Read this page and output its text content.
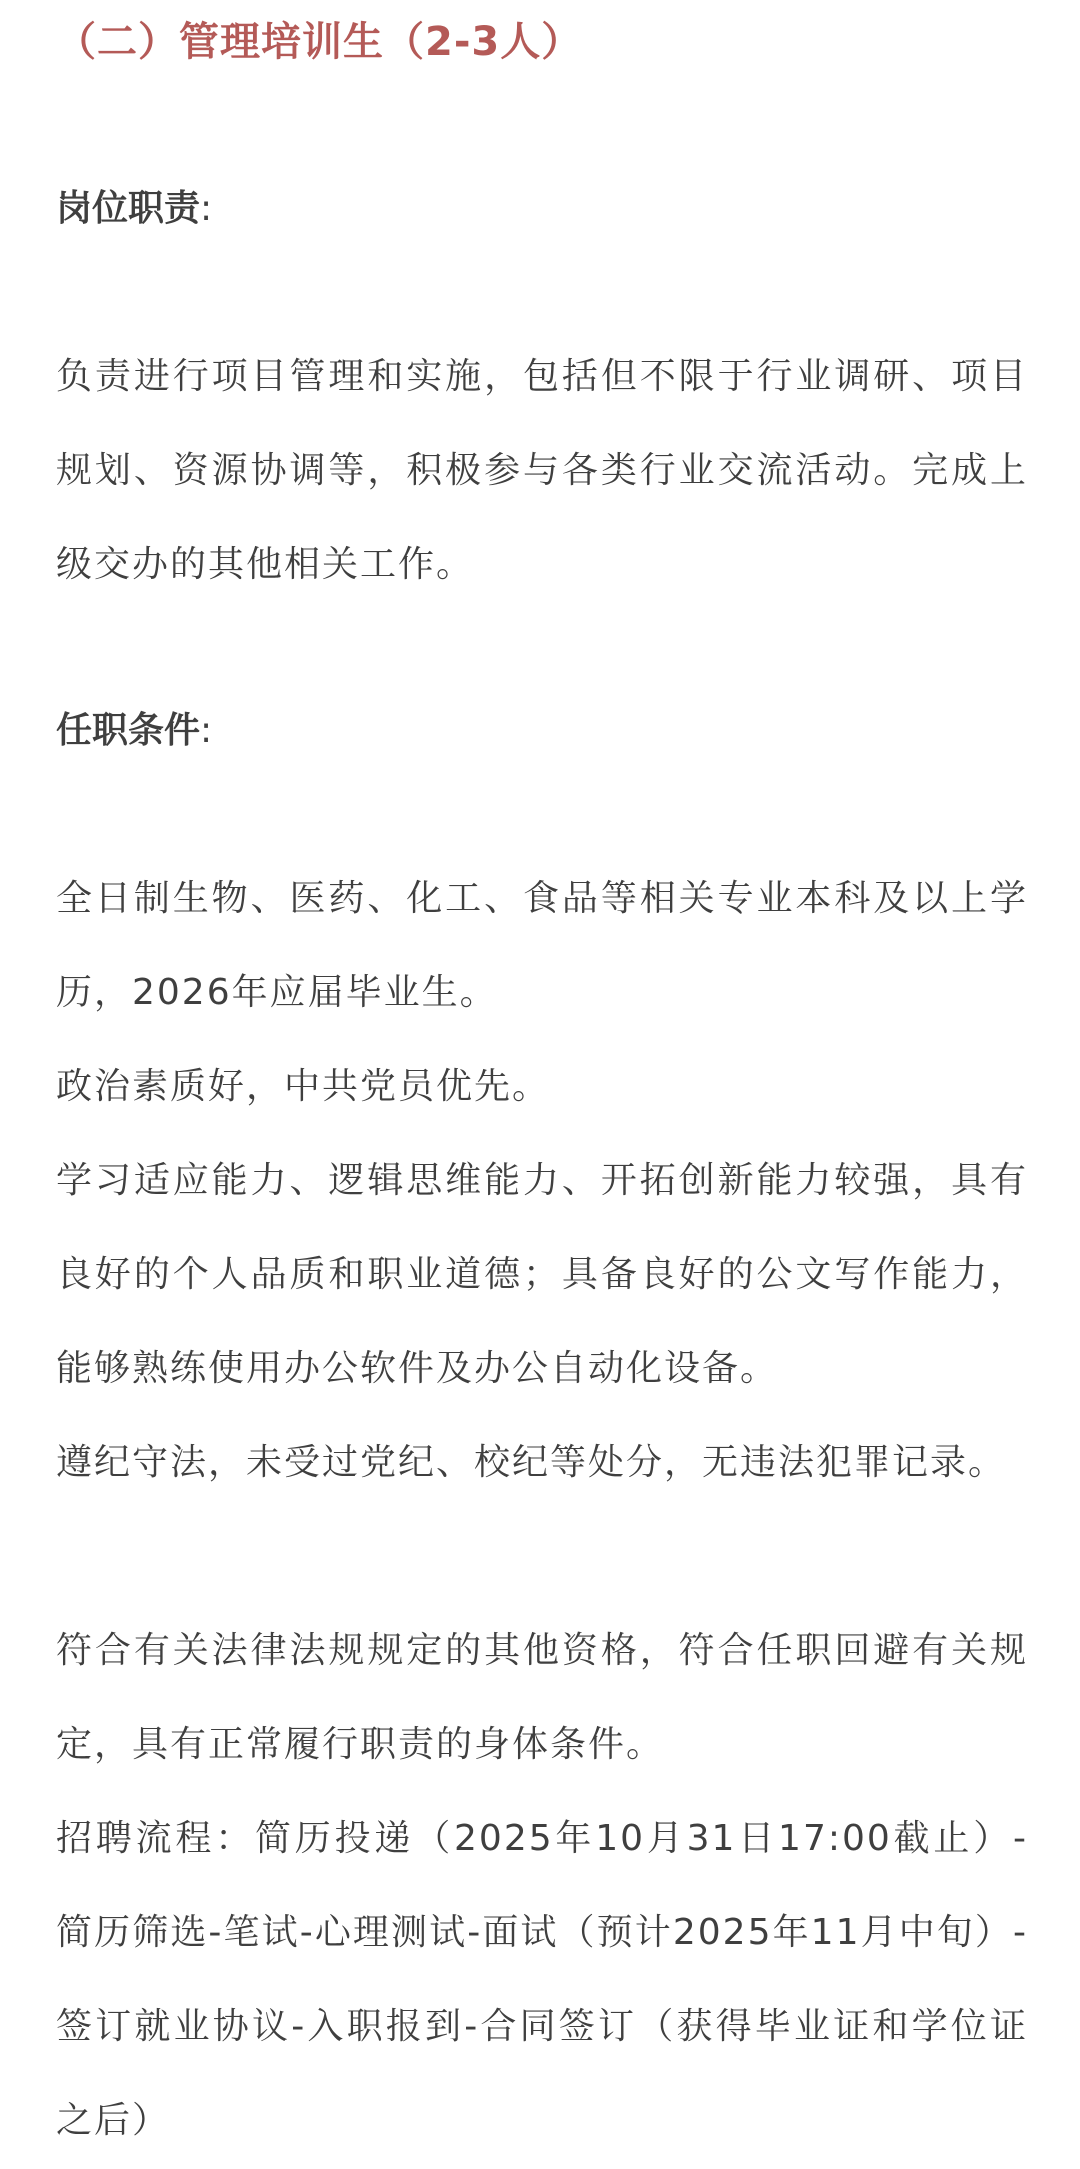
（二）管理培训生（2-3人）

岗位职责:

负责进行项目管理和实施，包括但不限于行业调研、项目规划、资源协调等，积极参与各类行业交流活动。完成上级交办的其他相关工作。

任职条件:

全日制生物、医药、化工、食品等相关专业本科及以上学历，2026年应届毕业生。

政治素质好，中共党员优先。

学习适应能力、逻辑思维能力、开拓创新能力较强，具有良好的个人品质和职业道德；具备良好的公文写作能力，能够熟练使用办公软件及办公自动化设备。

遵纪守法，未受过党纪、校纪等处分，无违法犯罪记录。

符合有关法律法规规定的其他资格，符合任职回避有关规定，具有正常履行职责的身体条件。

招聘流程：简历投递（2025年10月31日17:00截止）-简历筛选-笔试-心理测试-面试（预计2025年11月中旬）-签订就业协议-入职报到-合同签订（获得毕业证和学位证之后）
